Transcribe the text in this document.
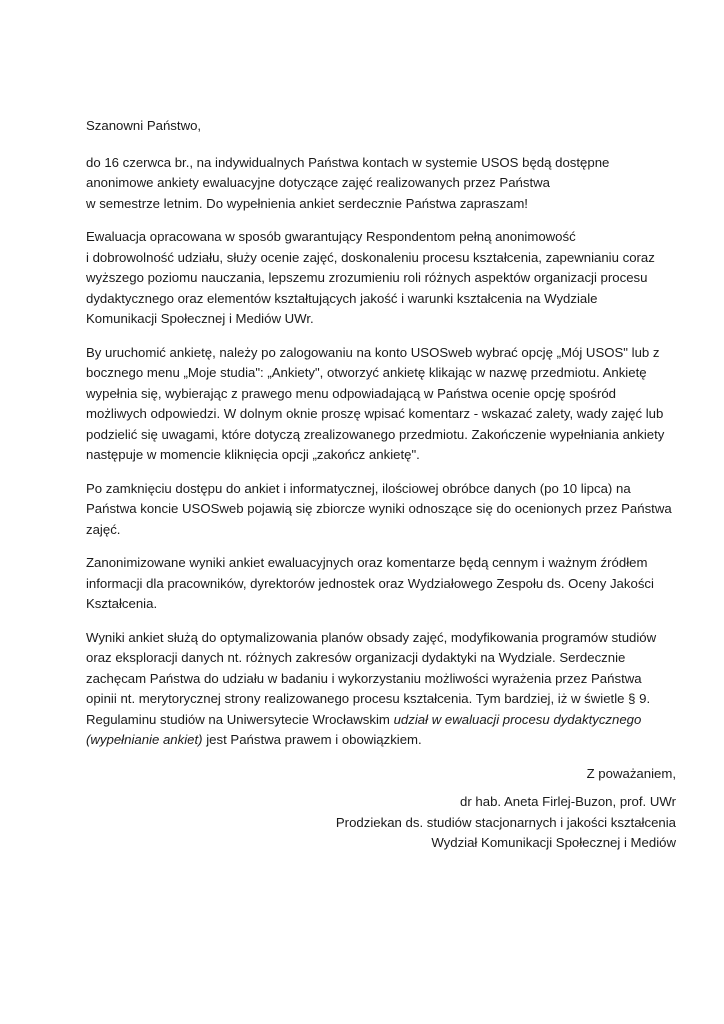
Szanowni Państwo,

do 16 czerwca br., na indywidualnych Państwa kontach w systemie USOS będą dostępne
anonimowe ankiety ewaluacyjne dotyczące zajęć realizowanych przez Państwa
w semestrze letnim. Do wypełnienia ankiet serdecznie Państwa zapraszam!

Ewaluacja opracowana w sposób gwarantujący Respondentom pełną anonimowość
i dobrowolność udziału, służy ocenie zajęć, doskonaleniu procesu kształcenia, zapewnianiu coraz
wyższego poziomu nauczania, lepszemu zrozumieniu roli różnych aspektów organizacji procesu
dydaktycznego oraz elementów kształtujących jakość i warunki kształcenia na Wydziale
Komunikacji Społecznej i Mediów UWr.

By uruchomić ankietę, należy po zalogowaniu na konto USOSweb wybrać opcję „Mój USOS" lub z
bocznego menu „Moje studia": „Ankiety", otworzyć ankietę klikając w nazwę przedmiotu. Ankietę
wypełnia się, wybierając z prawego menu odpowiadającą w Państwa ocenie opcję spośród
możliwych odpowiedzi. W dolnym oknie proszę wpisać komentarz - wskazać zalety, wady zajęć lub
podzielić się uwagami, które dotyczą zrealizowanego przedmiotu. Zakończenie wypełniania ankiety
następuje w momencie kliknięcia opcji „zakończ ankietę".

Po zamknięciu dostępu do ankiet i informatycznej, ilościowej obróbce danych (po 10 lipca) na
Państwa koncie USOSweb pojawią się zbiorcze wyniki odnoszące się do ocenionych przez Państwa
zajęć.

Zanonimizowane wyniki ankiet ewaluacyjnych oraz komentarze będą cennym i ważnym źródłem
informacji dla pracowników, dyrektorów jednostek oraz Wydziałowego Zespołu ds. Oceny Jakości
Kształcenia.

Wyniki ankiet służą do optymalizowania planów obsady zajęć, modyfikowania programów studiów
oraz eksploracji danych nt. różnych zakresów organizacji dydaktyki na Wydziale. Serdecznie
zachęcam Państwa do udziału w badaniu i wykorzystaniu możliwości wyrażenia przez Państwa
opinii nt. merytorycznej strony realizowanego procesu kształcenia. Tym bardziej, iż w świetle § 9.
Regulaminu studiów na Uniwersytecie Wrocławskim udział w ewaluacji procesu dydaktycznego
(wypełnianie ankiet) jest Państwa prawem i obowiązkiem.

Z poważaniem,

dr hab. Aneta Firlej-Buzon, prof. UWr
Prodziekan ds. studiów stacjonarnych i jakości kształcenia
Wydział Komunikacji Społecznej i Mediów
